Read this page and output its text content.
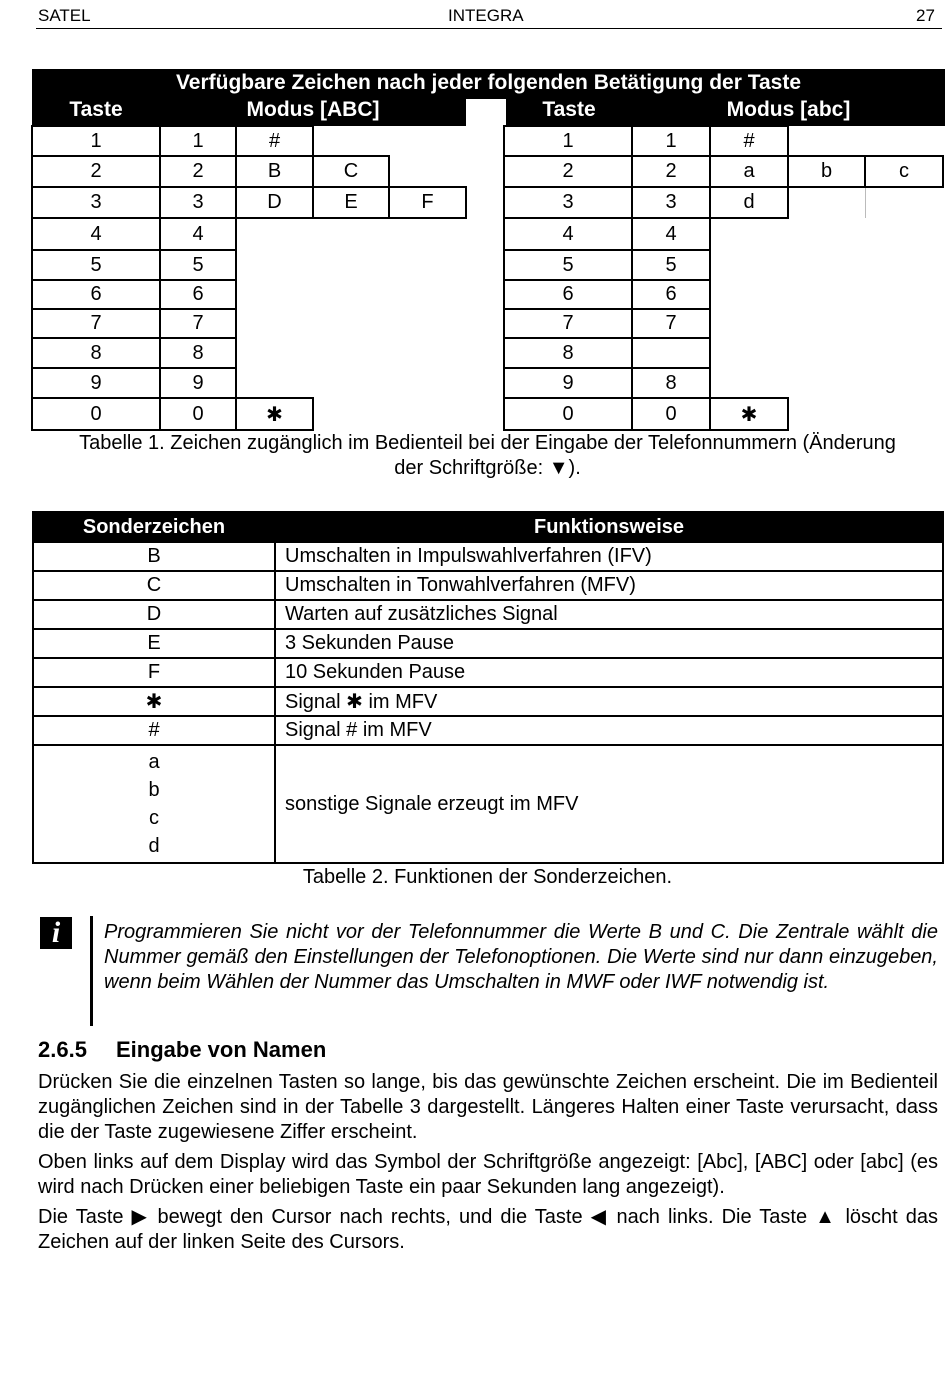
SATEL	INTEGRA	27
Verfügbare Zeichen nach jeder folgenden Betätigung der Taste
Taste	Modus [ABC]	Taste	Modus [abc]
1	1	#
2	2	B	C
3	3	D	E	F
4	4
5	5
6	6
7	7
8	8
9	9
0	0	✱
1	1	#
2	2	a	b	c
3	3	d
4	4
5	5
6	6
7	7
8
9	8
0	0	✱
Tabelle 1. Zeichen zugänglich im Bedienteil bei der Eingabe der Telefonnummern (Änderung
der Schriftgröße: ▼).
Sonderzeichen	Funktionsweise
B	Umschalten in Impulswahlverfahren (IFV)
C	Umschalten in Tonwahlverfahren (MFV)
D	Warten auf zusätzliches Signal
E	3 Sekunden Pause
F	10 Sekunden Pause
✱	Signal ✱ im MFV
#	Signal # im MFV

a
b
c
d	sonstige Signale erzeugt im MFV
Tabelle 2. Funktionen der Sonderzeichen.
i	Programmieren Sie nicht vor der Telefonnummer die Werte B und C. Die Zentrale wählt die Nummer gemäß den Einstellungen der Telefonoptionen. Die Werte sind nur dann einzugeben, wenn beim Wählen der Nummer das Umschalten in MWF oder IWF notwendig ist.
2.6.5 Eingabe von Namen
Drücken Sie die einzelnen Tasten so lange, bis das gewünschte Zeichen erscheint. Die im Bedienteil zugänglichen Zeichen sind in der Tabelle 3 dargestellt. Längeres Halten einer Taste verursacht, dass die der Taste zugewiesene Ziffer erscheint.
Oben links auf dem Display wird das Symbol der Schriftgröße angezeigt: [Abc], [ABC] oder [abc] (es wird nach Drücken einer beliebigen Taste ein paar Sekunden lang angezeigt).
Die Taste ▶ bewegt den Cursor nach rechts, und die Taste ◀ nach links. Die Taste ▲ löscht das Zeichen auf der linken Seite des Cursors.
